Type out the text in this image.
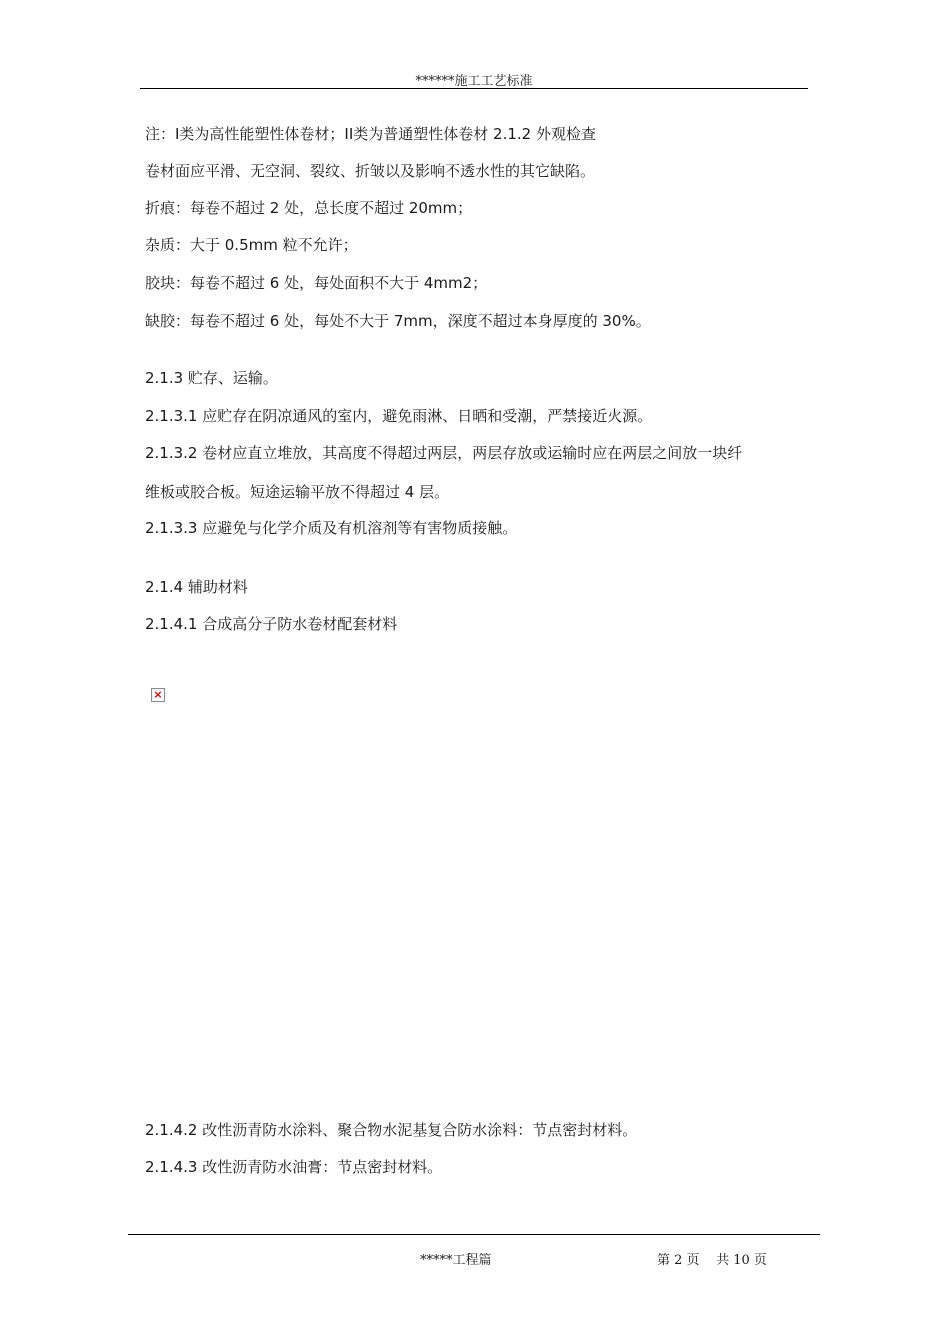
******施工工艺标准
注：I类为高性能塑性体卷材；II类为普通塑性体卷材 2.1.2 外观检查
卷材面应平滑、无空洞、裂纹、折皱以及影响不透水性的其它缺陷。
折痕：每卷不超过 2 处，总长度不超过 20mm；
杂质：大于 0.5mm 粒不允许；
胶块：每卷不超过 6 处，每处面积不大于 4mm2；
缺胶：每卷不超过 6 处，每处不大于 7mm，深度不超过本身厚度的 30%。
2.1.3 贮存、运输。
2.1.3.1 应贮存在阴凉通风的室内，避免雨淋、日晒和受潮，严禁接近火源。
2.1.3.2 卷材应直立堆放，其高度不得超过两层，两层存放或运输时应在两层之间放一块纤
维板或胶合板。短途运输平放不得超过 4 层。
2.1.3.3 应避免与化学介质及有机溶剂等有害物质接触。
2.1.4 辅助材料
2.1.4.1 合成高分子防水卷材配套材料
×
2.1.4.2 改性沥青防水涂料、聚合物水泥基复合防水涂料：节点密封材料。
2.1.4.3 改性沥青防水油膏：节点密封材料。
*****工程篇	第 2 页    共 10 页
